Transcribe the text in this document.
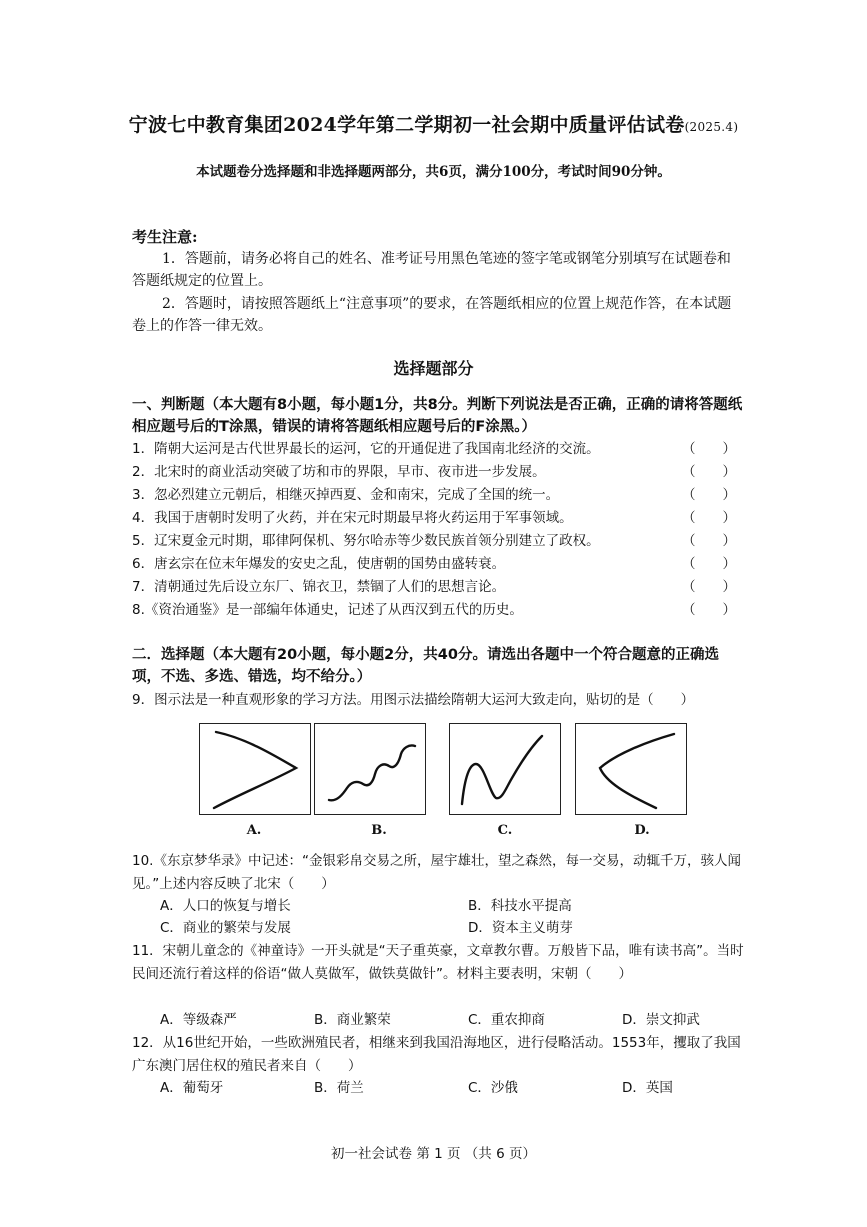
宁波七中教育集团2024学年第二学期初一社会期中质量评估试卷(2025.4)
本试题卷分选择题和非选择题两部分，共6页，满分100分，考试时间90分钟。
考生注意:
1．答题前，请务必将自己的姓名、准考证号用黑色笔迹的签字笔或钢笔分别填写在试题卷和答题纸规定的位置上。
2．答题时，请按照答题纸上“注意事项”的要求，在答题纸相应的位置上规范作答，在本试题卷上的作答一律无效。
选择题部分
一、判断题（本大题有8小题，每小题1分，共8分。判断下列说法是否正确，正确的请将答题纸相应题号后的T涂黑，错误的请将答题纸相应题号后的F涂黑。）
1．隋朝大运河是古代世界最长的运河，它的开通促进了我国南北经济的交流。	（　　）
2．北宋时的商业活动突破了坊和市的界限，早市、夜市进一步发展。	（　　）
3．忽必烈建立元朝后，相继灭掉西夏、金和南宋，完成了全国的统一。	（　　）
4．我国于唐朝时发明了火药，并在宋元时期最早将火药运用于军事领域。	（　　）
5．辽宋夏金元时期，耶律阿保机、努尔哈赤等少数民族首领分别建立了政权。	（　　）
6．唐玄宗在位末年爆发的安史之乱，使唐朝的国势由盛转衰。	（　　）
7．清朝通过先后设立东厂、锦衣卫，禁锢了人们的思想言论。	（　　）
8.《资治通鉴》是一部编年体通史，记述了从西汉到五代的历史。	（　　）
二．选择题（本大题有20小题，每小题2分，共40分。请选出各题中一个符合题意的正确选项，不选、多选、错选，均不给分。）
9．图示法是一种直观形象的学习方法。用图示法描绘隋朝大运河大致走向，贴切的是（　　）
A.	B.	C.	D.
10.《东京梦华录》中记述：“金银彩帛交易之所，屋宇雄壮，望之森然，每一交易，动辄千万，骇人闻见。”上述内容反映了北宋（　　）
A．人口的恢复与增长	B．科技水平提高
C．商业的繁荣与发展	D．资本主义萌芽
11．宋朝儿童念的《神童诗》一开头就是“天子重英豪，文章教尔曹。万般皆下品，唯有读书高”。当时民间还流行着这样的俗语“做人莫做军，做铁莫做针”。材料主要表明，宋朝（　　）
A．等级森严	B．商业繁荣	C．重农抑商	D．崇文抑武
12．从16世纪开始，一些欧洲殖民者，相继来到我国沿海地区，进行侵略活动。1553年，攫取了我国广东澳门居住权的殖民者来自（　　）
A．葡萄牙	B．荷兰	C．沙俄	D．英国
初一社会试卷 第 1 页 （共 6 页）
